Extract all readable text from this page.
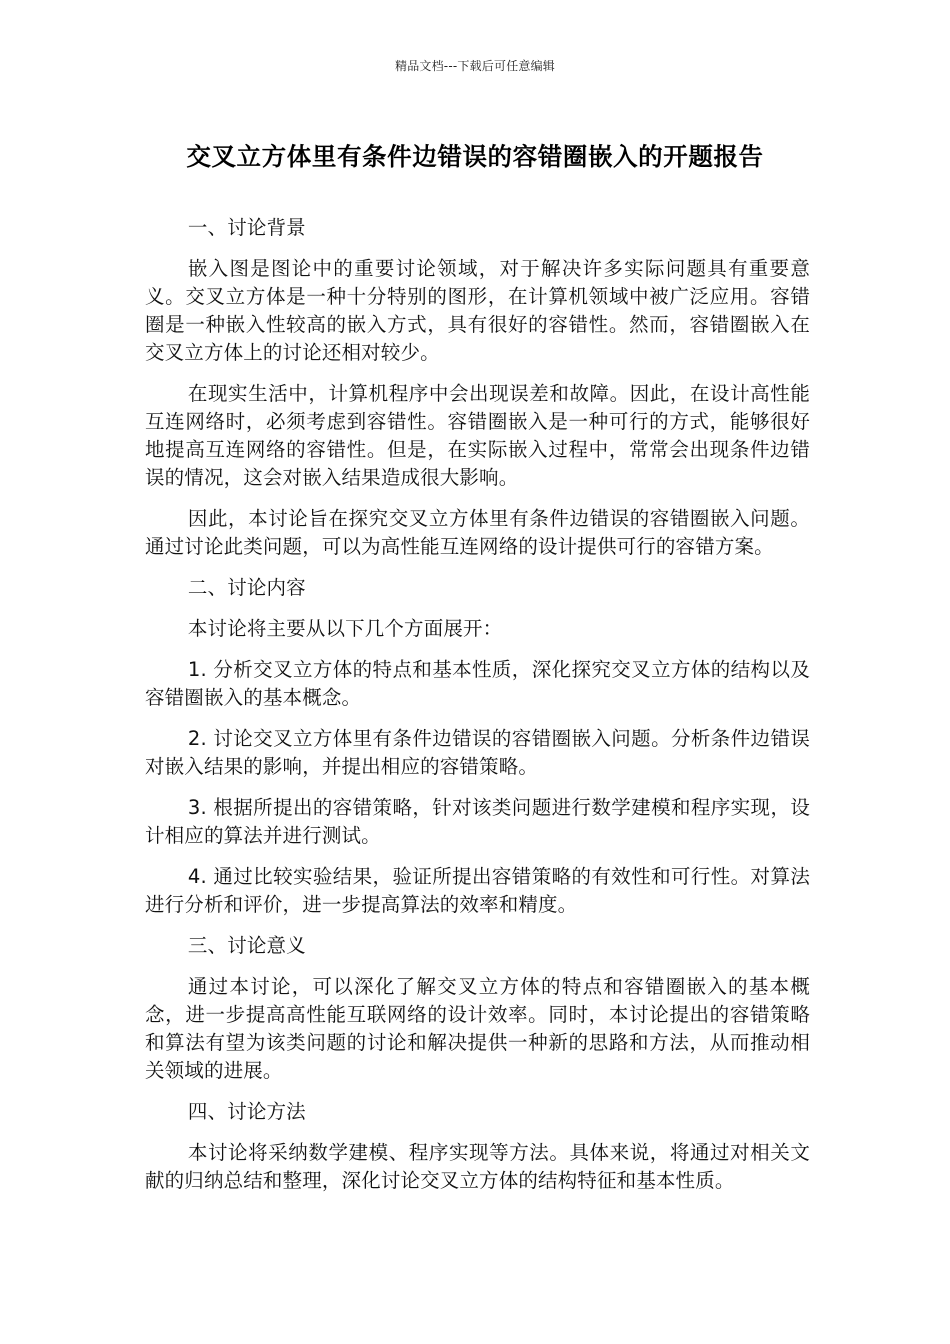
精品文档---下载后可任意编辑
交叉立方体里有条件边错误的容错圈嵌入的开题报告

一、讨论背景

嵌入图是图论中的重要讨论领域，对于解决许多实际问题具有重要意义。交叉立方体是一种十分特别的图形，在计算机领域中被广泛应用。容错圈是一种嵌入性较高的嵌入方式，具有很好的容错性。然而，容错圈嵌入在交叉立方体上的讨论还相对较少。

在现实生活中，计算机程序中会出现误差和故障。因此，在设计高性能互连网络时，必须考虑到容错性。容错圈嵌入是一种可行的方式，能够很好地提高互连网络的容错性。但是，在实际嵌入过程中，常常会出现条件边错误的情况，这会对嵌入结果造成很大影响。

因此，本讨论旨在探究交叉立方体里有条件边错误的容错圈嵌入问题。通过讨论此类问题，可以为高性能互连网络的设计提供可行的容错方案。

二、讨论内容

本讨论将主要从以下几个方面展开：

1. 分析交叉立方体的特点和基本性质，深化探究交叉立方体的结构以及容错圈嵌入的基本概念。

2. 讨论交叉立方体里有条件边错误的容错圈嵌入问题。分析条件边错误对嵌入结果的影响，并提出相应的容错策略。

3. 根据所提出的容错策略，针对该类问题进行数学建模和程序实现，设计相应的算法并进行测试。

4. 通过比较实验结果，验证所提出容错策略的有效性和可行性。对算法进行分析和评价，进一步提高算法的效率和精度。

三、讨论意义

通过本讨论，可以深化了解交叉立方体的特点和容错圈嵌入的基本概念，进一步提高高性能互联网络的设计效率。同时，本讨论提出的容错策略和算法有望为该类问题的讨论和解决提供一种新的思路和方法，从而推动相关领域的进展。

四、讨论方法

本讨论将采纳数学建模、程序实现等方法。具体来说，将通过对相关文献的归纳总结和整理，深化讨论交叉立方体的结构特征和基本性质。
